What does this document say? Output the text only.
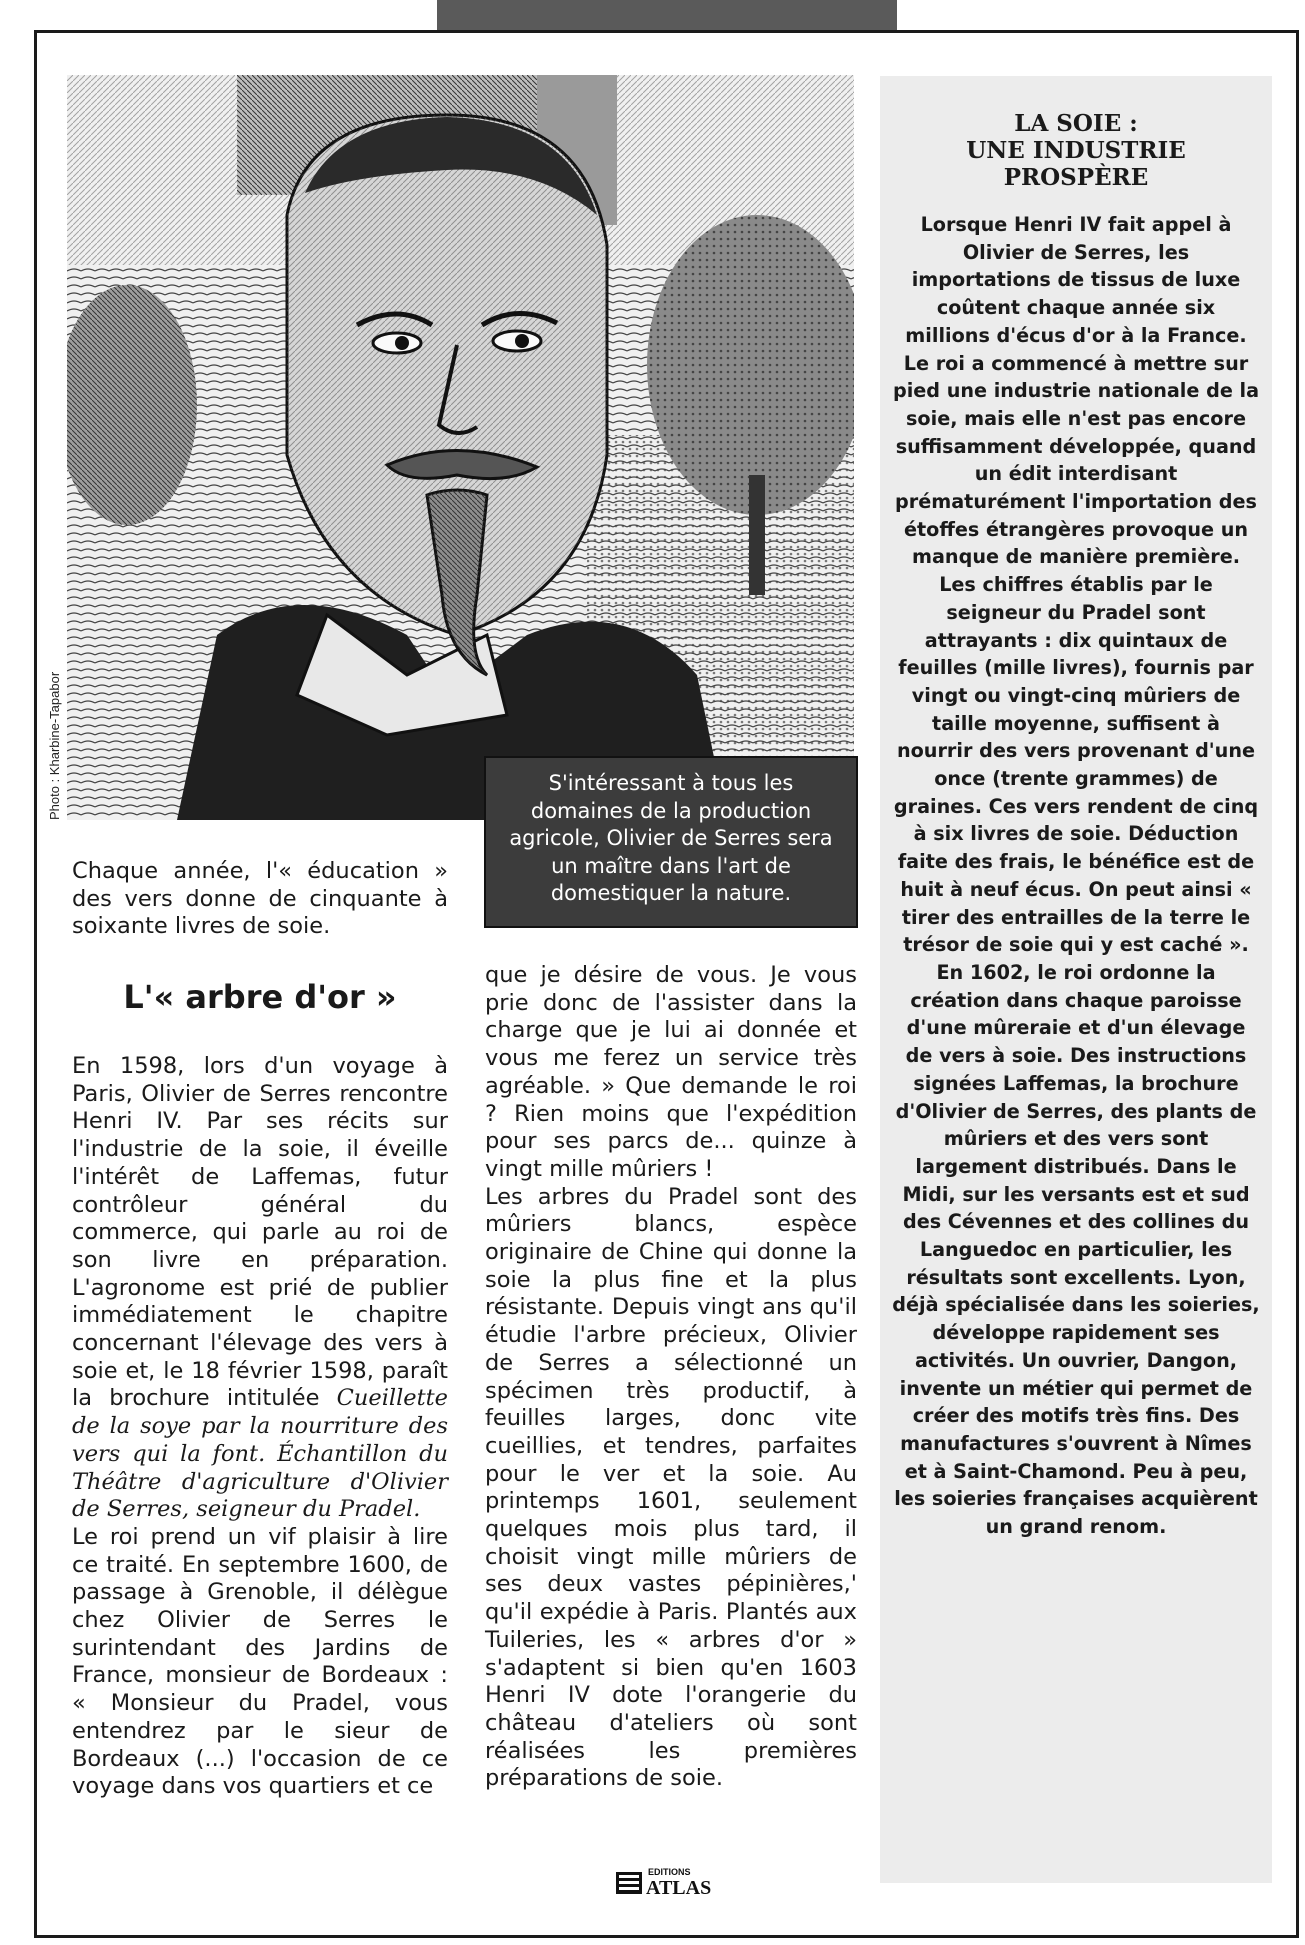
Photo : Kharbine-Tapabor	S'intéressant à tous les domaines de la production agricole, Olivier de Serres sera un maître dans l'art de domestiquer la nature.

Chaque année, l'« éducation » des vers donne de cinquante à soixante livres de soie.

L'« arbre d'or »

En 1598, lors d'un voyage à Paris, Olivier de Serres rencontre Henri IV. Par ses récits sur l'industrie de la soie, il éveille l'intérêt de Laffemas, futur contrôleur général du commerce, qui parle au roi de son livre en préparation. L'agronome est prié de publier immédiatement le chapitre concernant l'élevage des vers à soie et, le 18 février 1598, paraît la brochure intitulée Cueillette de la soye par la nourriture des vers qui la font. Échantillon du Théâtre d'agriculture d'Olivier de Serres, seigneur du Pradel.

Le roi prend un vif plaisir à lire ce traité. En septembre 1600, de passage à Grenoble, il délègue chez Olivier de Serres le surintendant des Jardins de France, monsieur de Bordeaux : « Monsieur du Pradel, vous entendrez par le sieur de Bordeaux (...) l'occasion de ce voyage dans vos quartiers et ce

que je désire de vous. Je vous prie donc de l'assister dans la charge que je lui ai donnée et vous me ferez un service très agréable. » Que demande le roi ? Rien moins que l'expédition pour ses parcs de... quinze à vingt mille mûriers !

Les arbres du Pradel sont des mûriers blancs, espèce originaire de Chine qui donne la soie la plus fine et la plus résistante. Depuis vingt ans qu'il étudie l'arbre précieux, Olivier de Serres a sélectionné un spécimen très productif, à feuilles larges, donc vite cueillies, et tendres, parfaites pour le ver et la soie. Au printemps 1601, seulement quelques mois plus tard, il choisit vingt mille mûriers de ses deux vastes pépinières,' qu'il expédie à Paris. Plantés aux Tuileries, les « arbres d'or » s'adaptent si bien qu'en 1603 Henri IV dote l'orangerie du château d'ateliers où sont réalisées les premières préparations de soie.

LA SOIE :
UNE INDUSTRIE
PROSPÈRE

Lorsque Henri IV fait appel à Olivier de Serres, les importations de tissus de luxe coûtent chaque année six millions d'écus d'or à la France. Le roi a commencé à mettre sur pied une industrie nationale de la soie, mais elle n'est pas encore suffisamment développée, quand un édit interdisant prématurément l'importation des étoffes étrangères provoque un manque de manière première. Les chiffres établis par le seigneur du Pradel sont attrayants : dix quintaux de feuilles (mille livres), fournis par vingt ou vingt-cinq mûriers de taille moyenne, suffisent à nourrir des vers provenant d'une once (trente grammes) de graines. Ces vers rendent de cinq à six livres de soie. Déduction faite des frais, le bénéfice est de huit à neuf écus. On peut ainsi « tirer des entrailles de la terre le trésor de soie qui y est caché ». En 1602, le roi ordonne la création dans chaque paroisse d'une mûreraie et d'un élevage de vers à soie. Des instructions signées Laffemas, la brochure d'Olivier de Serres, des plants de mûriers et des vers sont largement distribués. Dans le Midi, sur les versants est et sud des Cévennes et des collines du Languedoc en particulier, les résultats sont excellents. Lyon, déjà spécialisée dans les soieries, développe rapidement ses activités. Un ouvrier, Dangon, invente un métier qui permet de créer des motifs très fins. Des manufactures s'ouvrent à Nîmes et à Saint-Chamond. Peu à peu, les soieries françaises acquièrent un grand renom.

EDITIONS
ATLAS
